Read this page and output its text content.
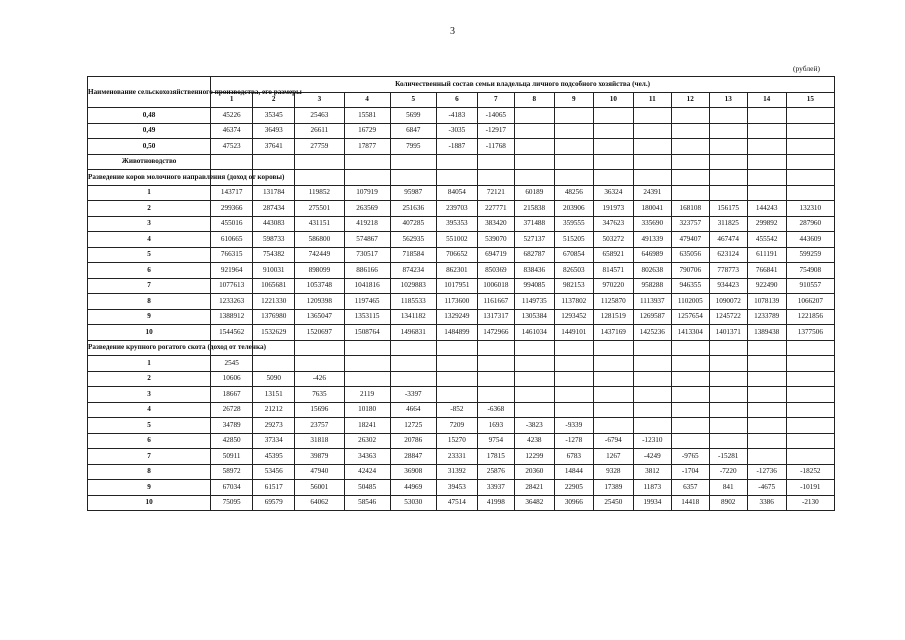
3
(рублей)
Наименование сельскохозяйственного производства, его размеры	Количественный состав семьи владельца личного подсобного хозяйства (чел.)														
	1	2	3	4	5	6	7	8	9	10	11	12	13	14	15
0,48	45226	35345	25463	15581	5699	-4183	-14065								
0,49	46374	36493	26611	16729	6847	-3035	-12917								
0,50	47523	37641	27759	17877	7995	-1887	-11768								
Животноводство															
Разведение коров молочного направления (доход от коровы)															
1	143717	131784	119852	107919	95987	84054	72121	60189	48256	36324	24391				
2	299366	287434	275501	263569	251636	239703	227771	215838	203906	191973	180041	168108	156175	144243	132310
3	455016	443083	431151	419218	407285	395353	383420	371488	359555	347623	335690	323757	311825	299892	287960
4	610665	598733	586800	574867	562935	551002	539070	527137	515205	503272	491339	479407	467474	455542	443609
5	766315	754382	742449	730517	718584	706652	694719	682787	670854	658921	646989	635056	623124	611191	599259
6	921964	910031	898099	886166	874234	862301	850369	838436	826503	814571	802638	790706	778773	766841	754908
7	1077613	1065681	1053748	1041816	1029883	1017951	1006018	994085	982153	970220	958288	946355	934423	922490	910557
8	1233263	1221330	1209398	1197465	1185533	1173600	1161667	1149735	1137802	1125870	1113937	1102005	1090072	1078139	1066207
9	1388912	1376980	1365047	1353115	1341182	1329249	1317317	1305384	1293452	1281519	1269587	1257654	1245722	1233789	1221856
10	1544562	1532629	1520697	1508764	1496831	1484899	1472966	1461034	1449101	1437169	1425236	1413304	1401371	1389438	1377506
Разведение крупного рогатого скота (доход от теленка)															
1	2545														
2	10606	5090	-426												
3	18667	13151	7635	2119	-3397										
4	26728	21212	15696	10180	4664	-852	-6368								
5	34789	29273	23757	18241	12725	7209	1693	-3823	-9339						
6	42850	37334	31818	26302	20786	15270	9754	4238	-1278	-6794	-12310				
7	50911	45395	39879	34363	28847	23331	17815	12299	6783	1267	-4249	-9765	-15281		
8	58972	53456	47940	42424	36908	31392	25876	20360	14844	9328	3812	-1704	-7220	-12736	-18252
9	67034	61517	56001	50485	44969	39453	33937	28421	22905	17389	11873	6357	841	-4675	-10191
10	75095	69579	64062	58546	53030	47514	41998	36482	30966	25450	19934	14418	8902	3386	-2130
